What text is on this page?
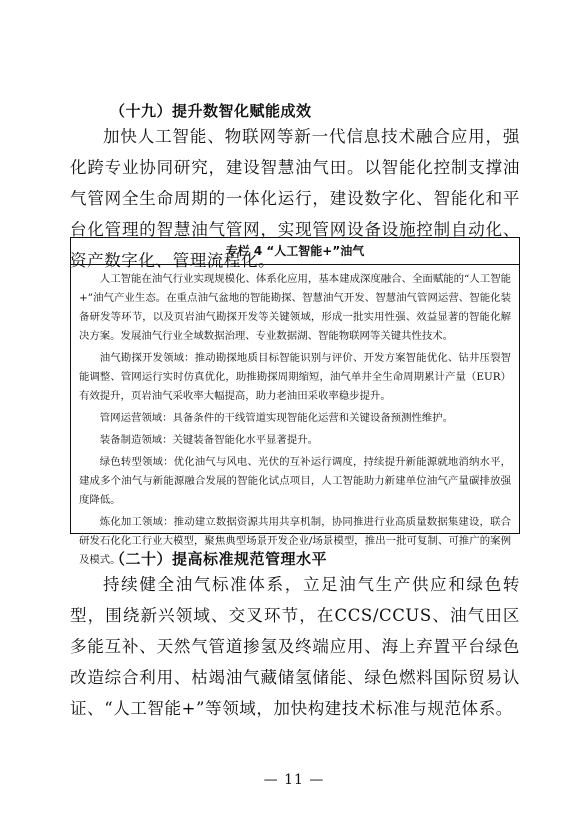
（十九）提升数智化赋能成效

加快人工智能、物联网等新一代信息技术融合应用，强化跨专业协同研究，建设智慧油气田。以智能化控制支撑油气管网全生命周期的一体化运行，建设数字化、智能化和平台化管理的智慧油气管网，实现管网设备设施控制自动化、资产数字化、管理流程化。

专栏 4 “人工智能+”油气

人工智能在油气行业实现规模化、体系化应用，基本建成深度融合、全面赋能的“人工智能+”油气产业生态。在重点油气盆地的智能勘探、智慧油气开发、智慧油气管网运营、智能化装备研发等环节，以及页岩油气勘探开发等关键领域，形成一批实用性强、效益显著的智能化解决方案。发展油气行业全域数据治理、专业数据湖、智能物联网等关键共性技术。

油气勘探开发领域：推动勘探地质目标智能识别与评价、开发方案智能优化、钻井压裂智能调整、管网运行实时仿真优化，助推勘探周期缩短，油气单井全生命周期累计产量（EUR）有效提升，页岩油气采收率大幅提高，助力老油田采收率稳步提升。

管网运营领域：具备条件的干线管道实现智能化运营和关键设备预测性维护。

装备制造领域：关键装备智能化水平显著提升。

绿色转型领域：优化油气与风电、光伏的互补运行调度，持续提升新能源就地消纳水平，建成多个油气与新能源融合发展的智能化试点项目，人工智能助力新建单位油气产量碳排放强度降低。

炼化加工领域：推动建立数据资源共用共享机制，协同推进行业高质量数据集建设，联合研发石化化工行业大模型，聚焦典型场景开发企业/场景模型，推出一批可复制、可推广的案例及模式。

（二十）提高标准规范管理水平

持续健全油气标准体系，立足油气生产供应和绿色转型，围绕新兴领域、交叉环节，在CCS/CCUS、油气田区多能互补、天然气管道掺氢及终端应用、海上弃置平台绿色改造综合利用、枯竭油气藏储氢储能、绿色燃料国际贸易认证、“人工智能+”等领域，加快构建技术标准与规范体系。

— 11 —
